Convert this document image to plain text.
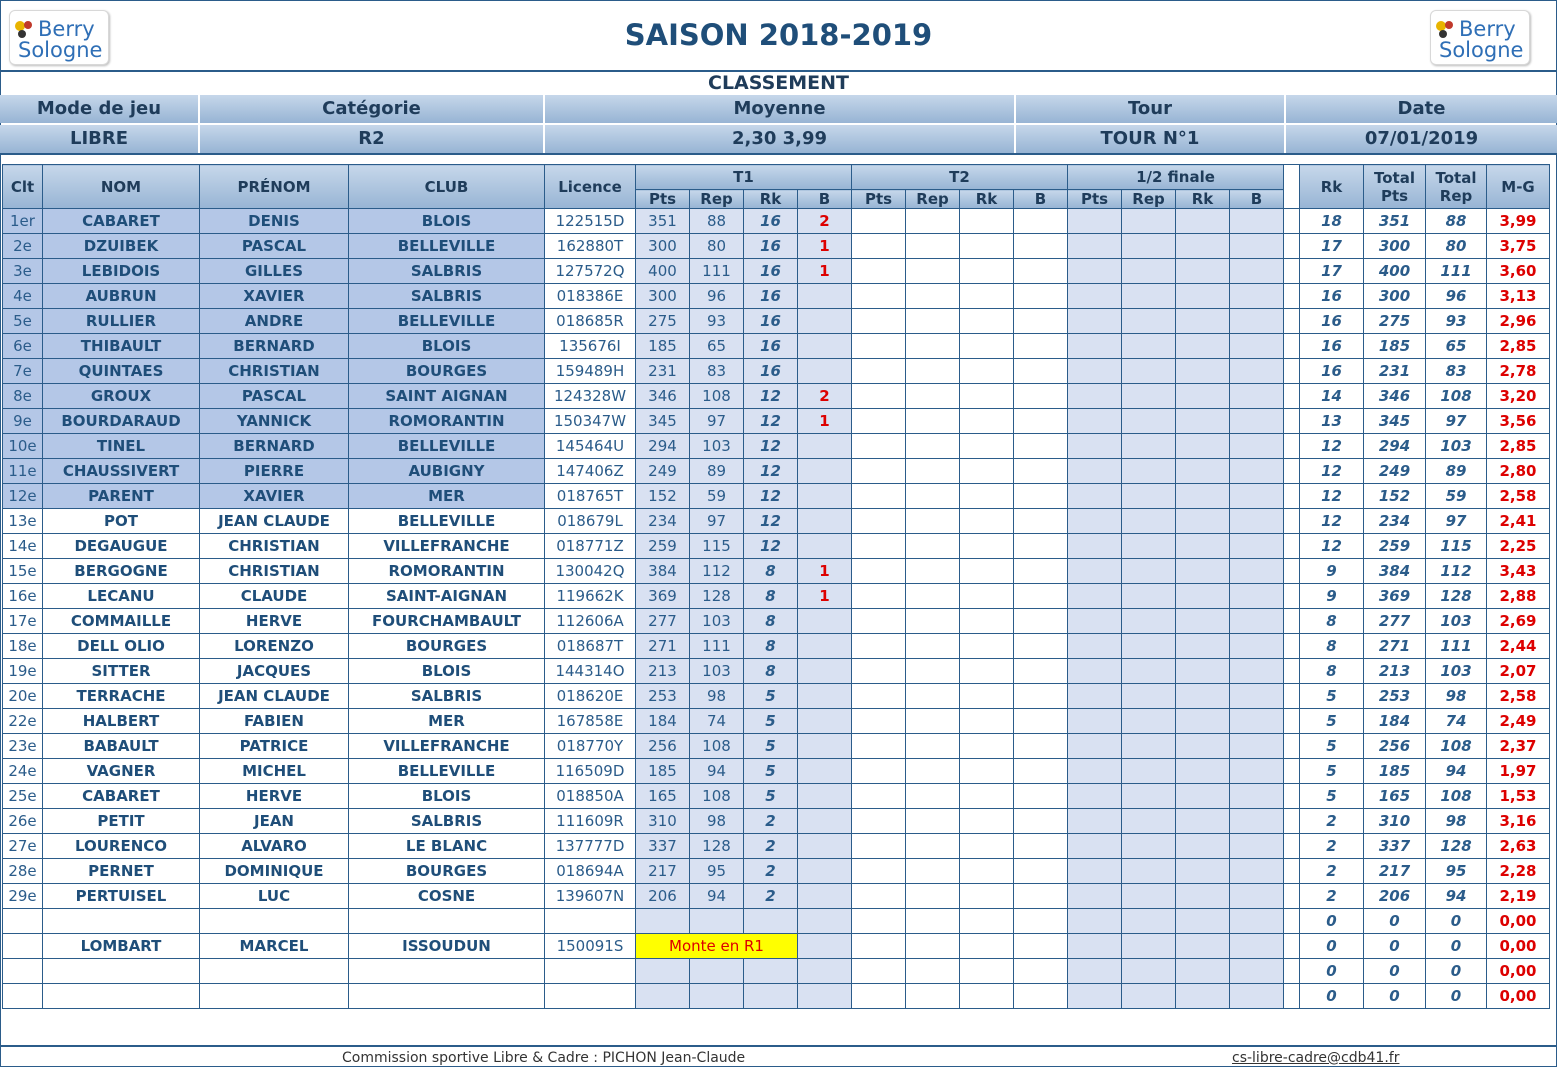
Berry
Sologne	SAISON 2018-2019	Berry
Sologne
CLASSEMENT
Mode de jeu	Catégorie	Moyenne	Tour	Date
LIBRE	R2	2,30 3,99	TOUR N°1	07/01/2019
Clt	NOM	PRÉNOM	CLUB	Licence	T1				T2				1/2 finale					Rk	Total Pts	Total Rep	M-G
					Pts	Rep	Rk	B	Pts	Rep	Rk	B	Pts	Rep	Rk	B					
1er	CABARET	DENIS	BLOIS	122515D	351	88	16	2										18	351	88	3,99
2e	DZUIBEK	PASCAL	BELLEVILLE	162880T	300	80	16	1										17	300	80	3,75
3e	LEBIDOIS	GILLES	SALBRIS	127572Q	400	111	16	1										17	400	111	3,60
4e	AUBRUN	XAVIER	SALBRIS	018386E	300	96	16											16	300	96	3,13
5e	RULLIER	ANDRE	BELLEVILLE	018685R	275	93	16											16	275	93	2,96
6e	THIBAULT	BERNARD	BLOIS	135676I	185	65	16											16	185	65	2,85
7e	QUINTAES	CHRISTIAN	BOURGES	159489H	231	83	16											16	231	83	2,78
8e	GROUX	PASCAL	SAINT AIGNAN	124328W	346	108	12	2										14	346	108	3,20
9e	BOURDARAUD	YANNICK	ROMORANTIN	150347W	345	97	12	1										13	345	97	3,56
10e	TINEL	BERNARD	BELLEVILLE	145464U	294	103	12											12	294	103	2,85
11e	CHAUSSIVERT	PIERRE	AUBIGNY	147406Z	249	89	12											12	249	89	2,80
12e	PARENT	XAVIER	MER	018765T	152	59	12											12	152	59	2,58
13e	POT	JEAN CLAUDE	BELLEVILLE	018679L	234	97	12											12	234	97	2,41
14e	DEGAUGUE	CHRISTIAN	VILLEFRANCHE	018771Z	259	115	12											12	259	115	2,25
15e	BERGOGNE	CHRISTIAN	ROMORANTIN	130042Q	384	112	8	1										9	384	112	3,43
16e	LECANU	CLAUDE	SAINT-AIGNAN	119662K	369	128	8	1										9	369	128	2,88
17e	COMMAILLE	HERVE	FOURCHAMBAULT	112606A	277	103	8											8	277	103	2,69
18e	DELL OLIO	LORENZO	BOURGES	018687T	271	111	8											8	271	111	2,44
19e	SITTER	JACQUES	BLOIS	144314O	213	103	8											8	213	103	2,07
20e	TERRACHE	JEAN CLAUDE	SALBRIS	018620E	253	98	5											5	253	98	2,58
22e	HALBERT	FABIEN	MER	167858E	184	74	5											5	184	74	2,49
23e	BABAULT	PATRICE	VILLEFRANCHE	018770Y	256	108	5											5	256	108	2,37
24e	VAGNER	MICHEL	BELLEVILLE	116509D	185	94	5											5	185	94	1,97
25e	CABARET	HERVE	BLOIS	018850A	165	108	5											5	165	108	1,53
26e	PETIT	JEAN	SALBRIS	111609R	310	98	2											2	310	98	3,16
27e	LOURENCO	ALVARO	LE BLANC	137777D	337	128	2											2	337	128	2,63
28e	PERNET	DOMINIQUE	BOURGES	018694A	217	95	2											2	217	95	2,28
29e	PERTUISEL	LUC	COSNE	139607N	206	94	2											2	206	94	2,19
																		0	0	0	0,00
	LOMBART	MARCEL	ISSOUDUN	150091S	Monte en R1													0	0	0	0,00
																		0	0	0	0,00
																		0	0	0	0,00
Commission sportive Libre & Cadre : PICHON Jean-Claude	cs-libre-cadre@cdb41.fr
